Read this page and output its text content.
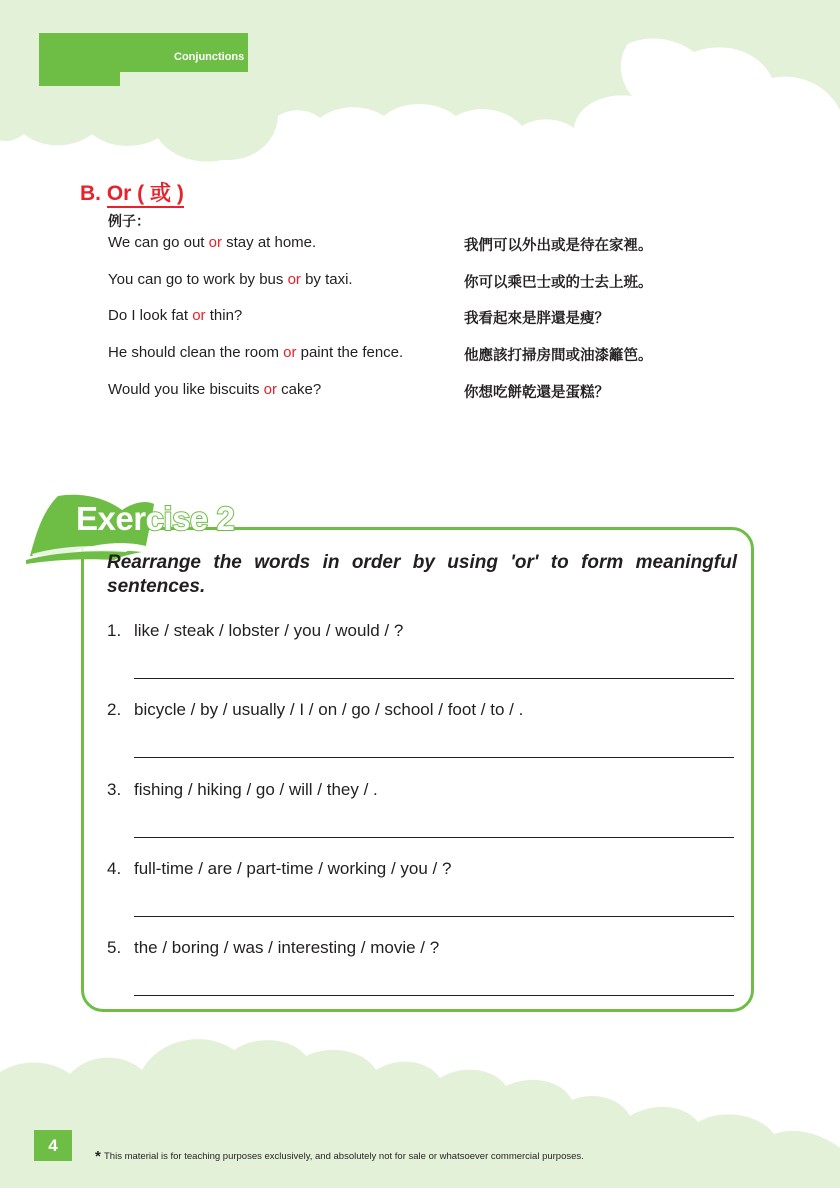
Conjunctions
B. Or ( 或 )
例子：
We can go out or stay at home.	我們可以外出或是待在家裡。
You can go to work by bus or by taxi.	你可以乘巴士或的士去上班。
Do I look fat or thin?	我看起來是胖還是瘦？
He should clean the room or paint the fence.	他應該打掃房間或油漆籬笆。
Would you like biscuits or cake?	你想吃餅乾還是蛋糕？
Exercise 2
Rearrange the words in order by using 'or' to form meaningful
sentences.
1. like / steak / lobster / you / would / ?
2. bicycle / by / usually / I / on / go / school / foot / to / .
3. fishing / hiking / go / will / they / .
4. full-time / are / part-time / working / you / ?
5. the / boring / was / interesting / movie / ?
4
* This material is for teaching purposes exclusively, and absolutely not for sale or whatsoever commercial purposes.
